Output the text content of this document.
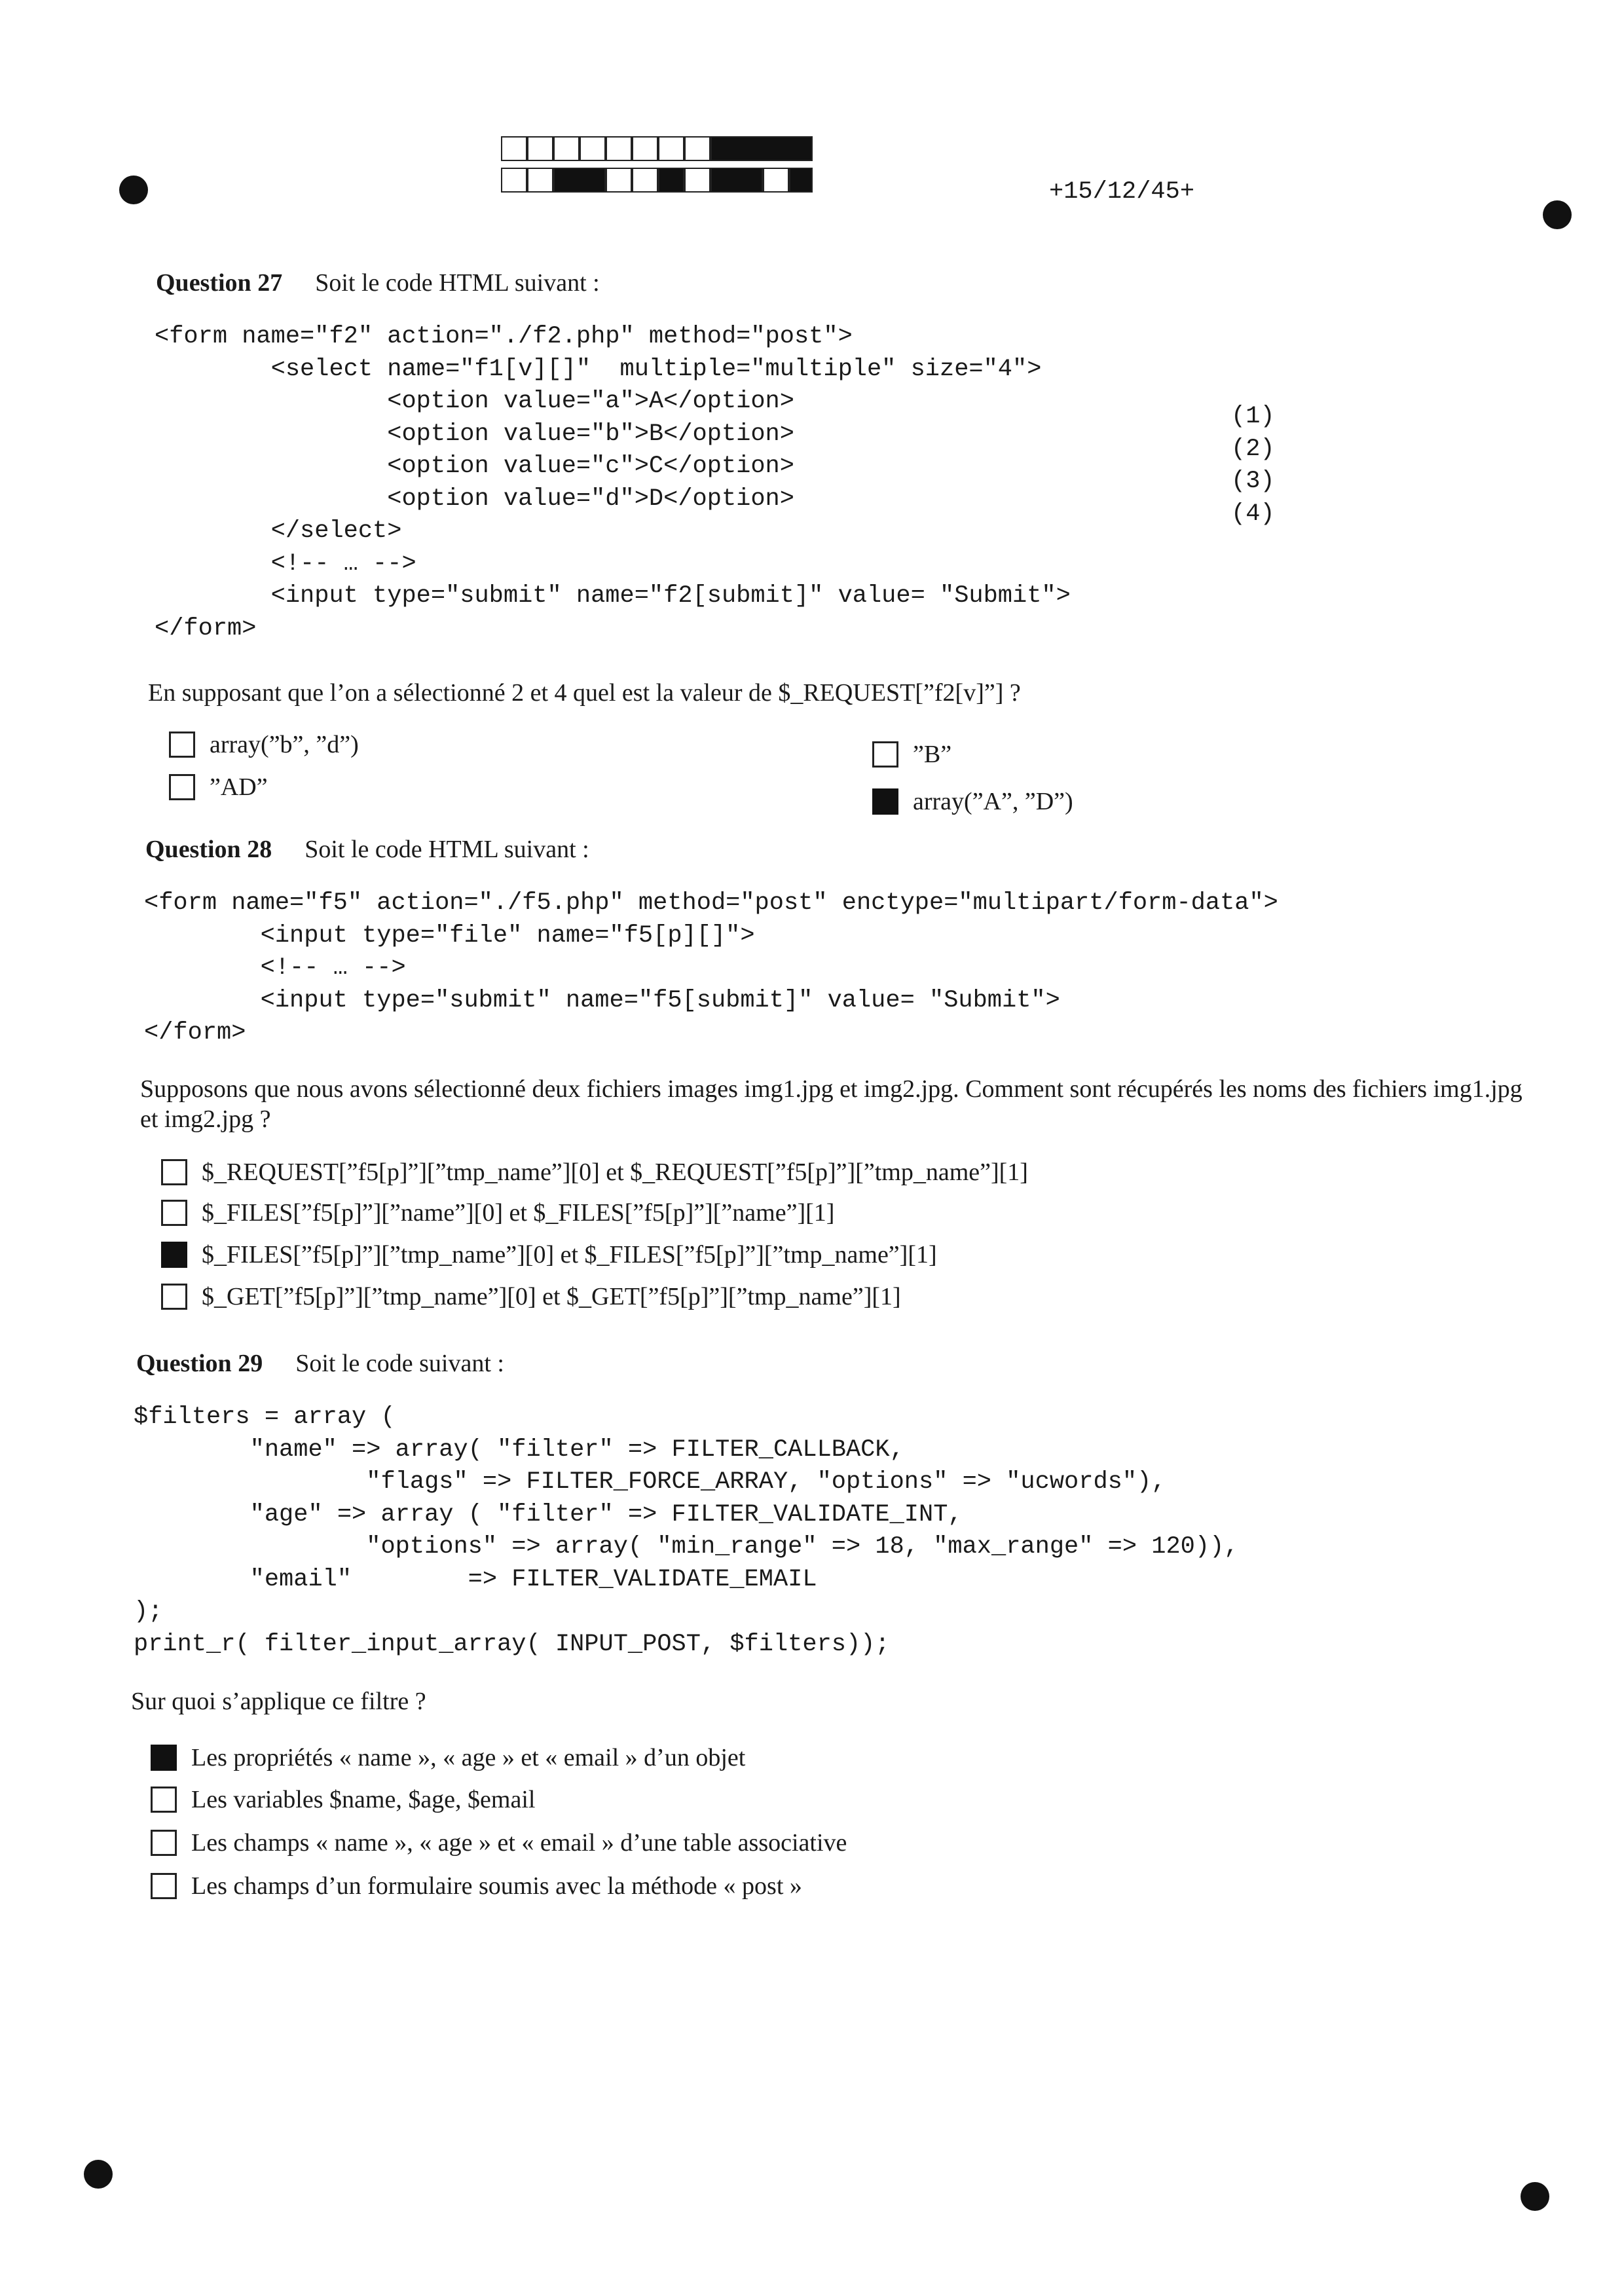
+15/12/45+
Question 27 Soit le code HTML suivant :
<form name="f2" action="./f2.php" method="post">
<select name="f1[v][]"  multiple="multiple" size="4">
<option value="a">A</option>
<option value="b">B</option>
<option value="c">C</option>
<option value="d">D</option>
</select>
<!-- … -->
<input type="submit" name="f2[submit]" value= "Submit">
</form>
(1)
(2)
(3)
(4)
En supposant que l’on a sélectionné 2 et 4 quel est la valeur de $_REQUEST[”f2[v]”] ?
array(”b”, ”d”)
”AD”
”B”
array(”A”, ”D”)
Question 28 Soit le code HTML suivant :
<form name="f5" action="./f5.php" method="post" enctype="multipart/form-data">
<input type="file" name="f5[p][]">
<!-- … -->
<input type="submit" name="f5[submit]" value= "Submit">
</form>
Supposons que nous avons sélectionné deux fichiers images img1.jpg et img2.jpg. Comment sont récupérés les noms des fichiers img1.jpg et img2.jpg ?
$_REQUEST[”f5[p]”][”tmp_name”][0] et $_REQUEST[”f5[p]”][”tmp_name”][1]
$_FILES[”f5[p]”][”name”][0] et $_FILES[”f5[p]”][”name”][1]
$_FILES[”f5[p]”][”tmp_name”][0] et $_FILES[”f5[p]”][”tmp_name”][1]
$_GET[”f5[p]”][”tmp_name”][0] et $_GET[”f5[p]”][”tmp_name”][1]
Question 29 Soit le code suivant :
$filters = array (
"name" => array( "filter" => FILTER_CALLBACK,
"flags" => FILTER_FORCE_ARRAY, "options" => "ucwords"),
"age" => array ( "filter" => FILTER_VALIDATE_INT,
"options" => array( "min_range" => 18, "max_range" => 120)),
"email"        => FILTER_VALIDATE_EMAIL
);
print_r( filter_input_array( INPUT_POST, $filters));
Sur quoi s’applique ce filtre ?
Les propriétés « name », « age » et « email » d’un objet
Les variables $name, $age, $email
Les champs « name », « age » et « email » d’une table associative
Les champs d’un formulaire soumis avec la méthode « post »
